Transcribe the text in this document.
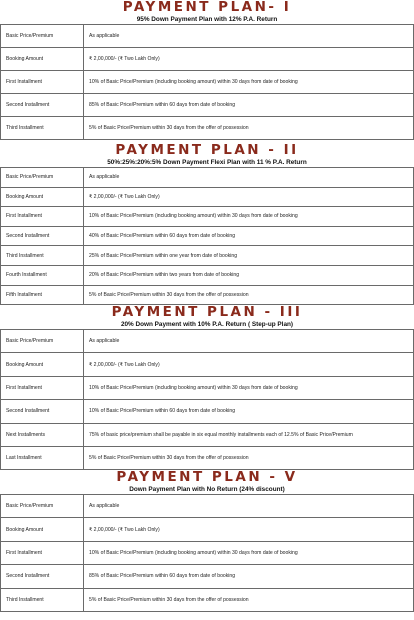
PAYMENT PLAN- I
95% Down Payment Plan with 12% P.A. Return
Basic Price/Premium	As applicable
Booking Amount	₹ 2,00,000/- (₹ Two Lakh Only)
First Installment	10% of Basic Price/Premium (including booking amount) within 30 days from date of booking
Second Installment	85% of Basic Price/Premium within 60 days from date of booking
Third Installment	5% of Basic Price/Premium within 30 days from the offer of possession
PAYMENT PLAN - II
50%:25%:20%:5% Down Payment Flexi Plan with 11 % P.A. Return
Basic Price/Premium	As applicable
Booking Amount	₹ 2,00,000/- (₹ Two Lakh Only)
First Installment	10% of Basic Price/Premium (including booking amount) within 30 days from date of booking
Second Installment	40% of Basic Price/Premium within 60 days from date of booking
Third Installment	25% of Basic Price/Premium within one year from date of booking
Fourth Installment	20% of Basic Price/Premium within two years from date of booking
Fifth Installment	5% of Basic Price/Premium within 30 days from the offer of possession
PAYMENT PLAN - III
20% Down Payment with 10% P.A. Return ( Step-up Plan)
Basic Price/Premium	As applicable
Booking Amount	₹ 2,00,000/- (₹ Two Lakh Only)
First Installment	10% of Basic Price/Premium (including booking amount) within 30 days from date of booking
Second Installment	10% of Basic Price/Premium within 60 days from date of booking
Next Installments	75% of basic price/premium shall be payable in six equal monthly installments each of 12.5% of Basic Price/Premium
Last Installment	5% of Basic Price/Premium within 30 days from the offer of possession
PAYMENT PLAN - V
Down Payment Plan with No Return (24% discount)
Basic Price/Premium	As applicable
Booking Amount	₹ 2,00,000/- (₹ Two Lakh Only)
First Installment	10% of Basic Price/Premium (including booking amount) within 30 days from date of booking
Second Installment	85% of Basic Price/Premium within 60 days from date of booking
Third Installment	5% of Basic Price/Premium within 30 days from the offer of possession
